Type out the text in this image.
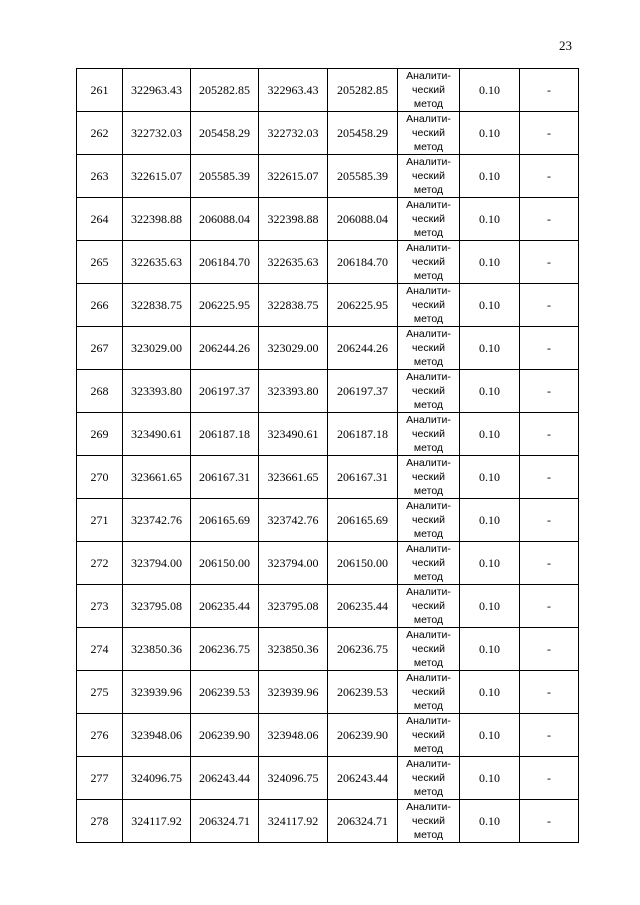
23
261	322963.43	205282.85	322963.43	205282.85	Аналити-
ческий
метод	0.10	-
262	322732.03	205458.29	322732.03	205458.29	Аналити-
ческий
метод	0.10	-
263	322615.07	205585.39	322615.07	205585.39	Аналити-
ческий
метод	0.10	-
264	322398.88	206088.04	322398.88	206088.04	Аналити-
ческий
метод	0.10	-
265	322635.63	206184.70	322635.63	206184.70	Аналити-
ческий
метод	0.10	-
266	322838.75	206225.95	322838.75	206225.95	Аналити-
ческий
метод	0.10	-
267	323029.00	206244.26	323029.00	206244.26	Аналити-
ческий
метод	0.10	-
268	323393.80	206197.37	323393.80	206197.37	Аналити-
ческий
метод	0.10	-
269	323490.61	206187.18	323490.61	206187.18	Аналити-
ческий
метод	0.10	-
270	323661.65	206167.31	323661.65	206167.31	Аналити-
ческий
метод	0.10	-
271	323742.76	206165.69	323742.76	206165.69	Аналити-
ческий
метод	0.10	-
272	323794.00	206150.00	323794.00	206150.00	Аналити-
ческий
метод	0.10	-
273	323795.08	206235.44	323795.08	206235.44	Аналити-
ческий
метод	0.10	-
274	323850.36	206236.75	323850.36	206236.75	Аналити-
ческий
метод	0.10	-
275	323939.96	206239.53	323939.96	206239.53	Аналити-
ческий
метод	0.10	-
276	323948.06	206239.90	323948.06	206239.90	Аналити-
ческий
метод	0.10	-
277	324096.75	206243.44	324096.75	206243.44	Аналити-
ческий
метод	0.10	-
278	324117.92	206324.71	324117.92	206324.71	Аналити-
ческий
метод	0.10	-
